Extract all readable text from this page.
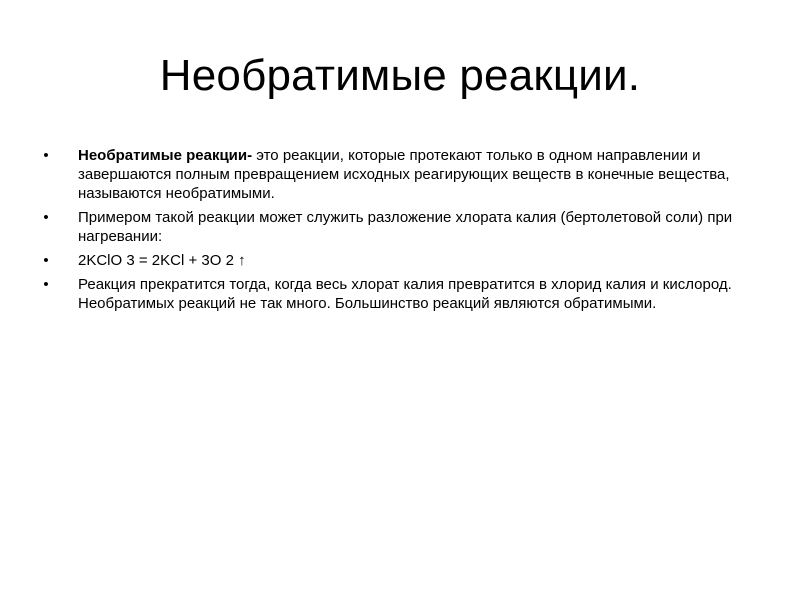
Необратимые реакции.
• Необратимые реакции- это реакции, которые протекают только в одном направлении и завершаются полным превращением исходных реагирующих веществ в конечные вещества, называются необратимыми.
• Примером такой реакции может служить разложение хлората калия (бертолетовой соли) при нагревании:
• 2KClO 3 = 2KCl + 3O 2 ↑
• Реакция прекратится тогда, когда весь хлорат калия превратится в хлорид калия и кислород. Необратимых реакций не так много. Большинство реакций являются обратимыми.
